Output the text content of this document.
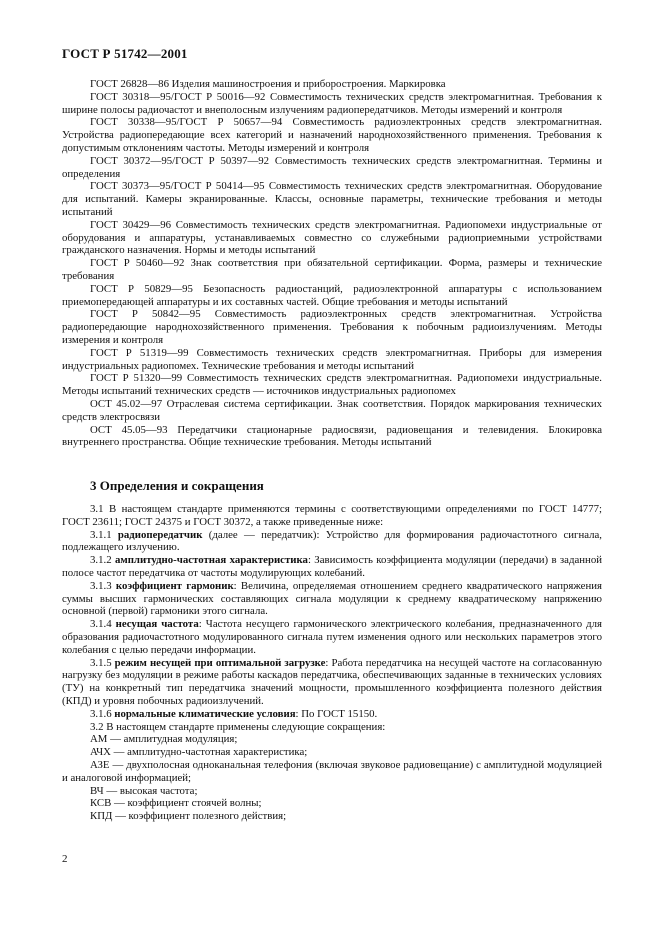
ГОСТ Р 51742—2001

ГОСТ 26828—86 Изделия машиностроения и приборостроения. Маркировка

ГОСТ 30318—95/ГОСТ Р 50016—92 Совместимость технических средств электромагнитная. Требования к ширине полосы радиочастот и внеполосным излучениям радиопередатчиков. Методы измерений и контроля

ГОСТ 30338—95/ГОСТ Р 50657—94 Совместимость радиоэлектронных средств электромагнитная. Устройства радиопередающие всех категорий и назначений народнохозяйственного применения. Требования к допустимым отклонениям частоты. Методы измерений и контроля

ГОСТ 30372—95/ГОСТ Р 50397—92 Совместимость технических средств электромагнитная. Термины и определения

ГОСТ 30373—95/ГОСТ Р 50414—95 Совместимость технических средств электромагнитная. Оборудование для испытаний. Камеры экранированные. Классы, основные параметры, технические требования и методы испытаний

ГОСТ 30429—96 Совместимость технических средств электромагнитная. Радиопомехи индустриальные от оборудования и аппаратуры, устанавливаемых совместно со служебными радиоприемными устройствами гражданского назначения. Нормы и методы испытаний

ГОСТ Р 50460—92 Знак соответствия при обязательной сертификации. Форма, размеры и технические требования

ГОСТ Р 50829—95 Безопасность радиостанций, радиоэлектронной аппаратуры с использованием приемопередающей аппаратуры и их составных частей. Общие требования и методы испытаний

ГОСТ Р 50842—95 Совместимость радиоэлектронных средств электромагнитная. Устройства радиопередающие народнохозяйственного применения. Требования к побочным радиоизлучениям. Методы измерения и контроля

ГОСТ Р 51319—99 Совместимость технических средств электромагнитная. Приборы для измерения индустриальных радиопомех. Технические требования и методы испытаний

ГОСТ Р 51320—99 Совместимость технических средств электромагнитная. Радиопомехи индустриальные. Методы испытаний технических средств — источников индустриальных радиопомех

ОСТ 45.02—97 Отраслевая система сертификации. Знак соответствия. Порядок маркирования технических средств электросвязи

ОСТ 45.05—93 Передатчики стационарные радиосвязи, радиовещания и телевидения. Блокировка внутреннего пространства. Общие технические требования. Методы испытаний

3 Определения и сокращения

3.1 В настоящем стандарте применяются термины с соответствующими определениями по ГОСТ 14777; ГОСТ 23611; ГОСТ 24375 и ГОСТ 30372, а также приведенные ниже:

3.1.1 радиопередатчик (далее — передатчик): Устройство для формирования радиочастотного сигнала, подлежащего излучению.

3.1.2 амплитудно-частотная характеристика: Зависимость коэффициента модуляции (передачи) в заданной полосе частот передатчика от частоты модулирующих колебаний.

3.1.3 коэффициент гармоник: Величина, определяемая отношением среднего квадратического напряжения суммы высших гармонических составляющих сигнала модуляции к среднему квадратическому напряжению основной (первой) гармоники этого сигнала.

3.1.4 несущая частота: Частота несущего гармонического электрического колебания, предназначенного для образования радиочастотного модулированного сигнала путем изменения одного или нескольких параметров этого колебания с целью передачи информации.

3.1.5 режим несущей при оптимальной загрузке: Работа передатчика на несущей частоте на согласованную нагрузку без модуляции в режиме работы каскадов передатчика, обеспечивающих заданные в технических условиях (ТУ) на конкретный тип передатчика значений мощности, промышленного коэффициента полезного действия (КПД) и уровня побочных радиоизлучений.

3.1.6 нормальные климатические условия: По ГОСТ 15150.

3.2 В настоящем стандарте применены следующие сокращения:

АМ — амплитудная модуляция;

АЧХ — амплитудно-частотная характеристика;

АЗЕ — двухполосная одноканальная телефония (включая звуковое радиовещание) с амплитудной модуляцией и аналоговой информацией;

ВЧ — высокая частота;

КСВ — коэффициент стоячей волны;

КПД — коэффициент полезного действия;

2
